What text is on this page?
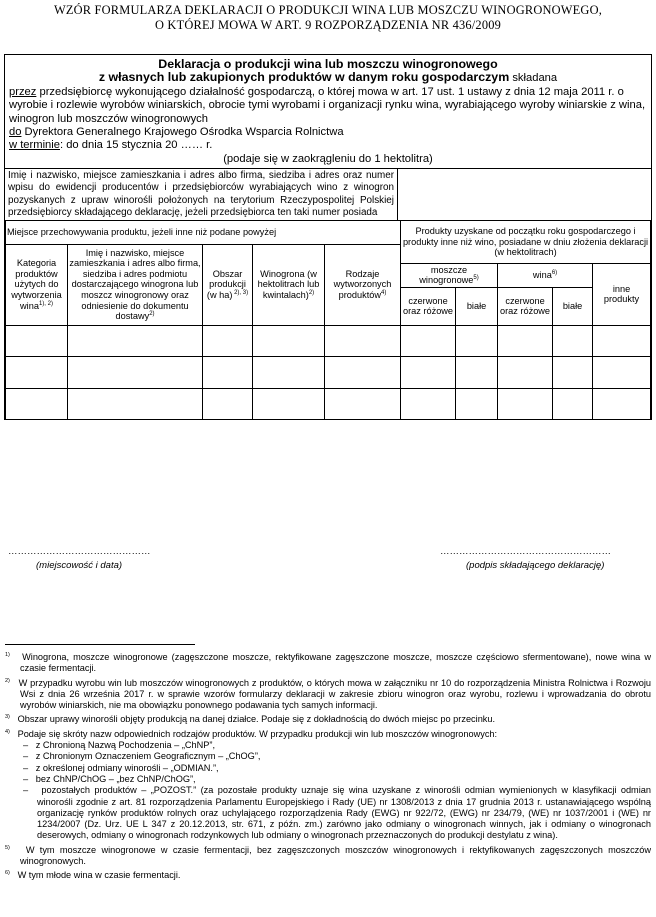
WZÓR FORMULARZA DEKLARACJI O PRODUKCJI WINA LUB MOSZCZU WINOGRONOWEGO,
O KTÓREJ MOWA W ART. 9 ROZPORZĄDZENIA NR 436/2009
Deklaracja o produkcji wina lub moszczu winogronowego
z własnych lub zakupionych produktów w danym roku gospodarczym składana
przez przedsiębiorcę wykonującego działalność gospodarczą, o której mowa w art. 17 ust. 1 ustawy z dnia 12 maja 2011 r. o wyrobie i rozlewie wyrobów winiarskich, obrocie tymi wyrobami i organizacji rynku wina, wyrabiającego wyroby winiarskie z wina, winogron lub moszczów winogronowych
do Dyrektora Generalnego Krajowego Ośrodka Wsparcia Rolnictwa
w terminie: do dnia 15 stycznia 20 …… r.
(podaje się w zaokrągleniu do 1 hektolitra)
Imię i nazwisko, miejsce zamieszkania i adres albo firma, siedziba i adres oraz numer wpisu do ewidencji producentów i przedsiębiorców wyrabiających wino z winogron pozyskanych z upraw winorośli położonych na terytorium Rzeczypospolitej Polskiej przedsiębiorcy składającego deklarację, jeżeli przedsiębiorca ten taki numer posiada
Miejsce przechowywania produktu, jeżeli inne niż podane powyżej					Produkty uzyskane od początku roku gospodarczego i produkty inne niż wino, posiadane w dniu złożenia deklaracji (w hektolitrach)				
Kategoria produktów użytych do wytworzenia wina$^{1), 2)}$	Imię i nazwisko, miejsce zamieszkania i adres albo firma, siedziba i adres podmiotu dostarczającego winogrona lub moszcz winogronowy oraz odniesienie do dokumentu dostawy$^{2)}$	Obszar produkcji (w ha) $^{2), 3)}$	Winogrona (w hektolitrach lub kwintalach)$^{2)}$	Rodzaje wytworzonych produktów$^{4)}$
					moszcze winogronowe$^{5)}$		wina$^{6)}$		inne produkty
					czerwone oraz różowe	białe	czerwone oraz różowe	białe	

………………………………………
(miejscowość i data)
………………………………………………
(podpis składającego deklarację)

$^{1)}$ Winogrona, moszcze winogronowe (zagęszczone moszcze, rektyfikowane zagęszczone moszcze, moszcze częściowo sfermentowane), nowe wina w czasie fermentacji.

$^{2)}$ W przypadku wyrobu win lub moszczów winogronowych z produktów, o których mowa w załączniku nr 10 do rozporządzenia Ministra Rolnictwa i Rozwoju Wsi z dnia 26 września 2017 r. w sprawie wzorów formularzy deklaracji w zakresie zbioru winogron oraz wyrobu, rozlewu i wprowadzania do obrotu wyrobów winiarskich, nie ma obowiązku ponownego podawania tych samych informacji.

$^{3)}$ Obszar uprawy winorośli objęty produkcją na danej działce. Podaje się z dokładnością do dwóch miejsc po przecinku.

$^{4)}$ Podaje się skróty nazw odpowiednich rodzajów produktów. W przypadku produkcji win lub moszczów winogronowych:

–   z Chronioną Nazwą Pochodzenia – „ChNP”,

–   z Chronionym Oznaczeniem Geograficznym – „ChOG”,

–   z określonej odmiany winorośli – „ODMIAN.”,

–   bez ChNP/ChOG – „bez ChNP/ChOG”,

–   pozostałych produktów – „POZOST.” (za pozostałe produkty uznaje się wina uzyskane z winorośli odmian wymienionych w klasyfikacji odmian winorośli zgodnie z art. 81 rozporządzenia Parlamentu Europejskiego i Rady (UE) nr 1308/2013 z dnia 17 grudnia 2013 r. ustanawiającego wspólną organizację rynków produktów rolnych oraz uchylającego rozporządzenia Rady (EWG) nr 922/72, (EWG) nr 234/79, (WE) nr 1037/2001 i (WE) nr 1234/2007 (Dz. Urz. UE L 347 z 20.12.2013, str. 671, z późn. zm.) zarówno jako odmiany o winogronach winnych, jak i odmiany o winogronach deserowych, odmiany o winogronach rodzynkowych lub odmiany o winogronach przeznaczonych do produkcji destylatu z wina).

$^{5)}$ W tym moszcze winogronowe w czasie fermentacji, bez zagęszczonych moszczów winogronowych i rektyfikowanych zagęszczonych moszczów winogronowych.

$^{6)}$ W tym młode wina w czasie fermentacji.
